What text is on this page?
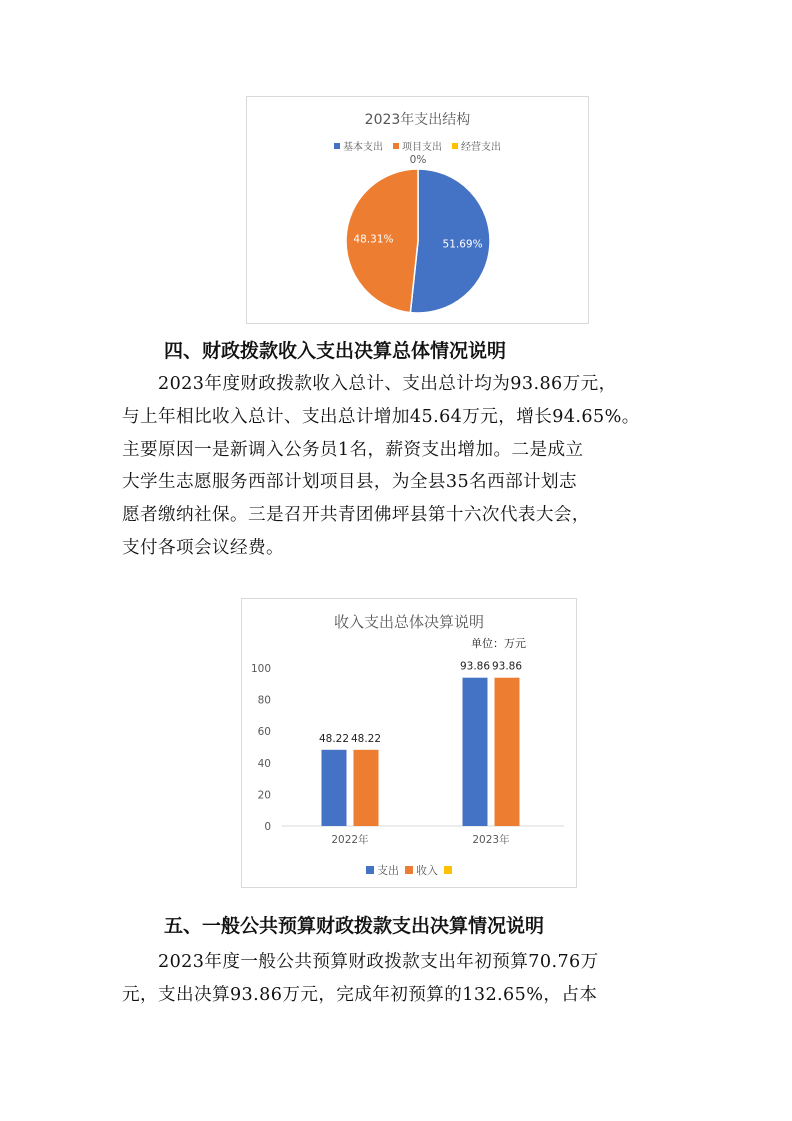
2023年支出结构
基本支出 项目支出 经营支出
51.69%
48.31%
0%
四、财政拨款收入支出决算总体情况说明

2023年度财政拨款收入总计、支出总计均为93.86万元，
与上年相比收入总计、支出总计增加45.64万元，增长94.65%。
主要原因一是新调入公务员1名，薪资支出增加。二是成立
大学生志愿服务西部计划项目县，为全县35名西部计划志
愿者缴纳社保。三是召开共青团佛坪县第十六次代表大会，
支付各项会议经费。

收入支出总体决算说明
单位：万元
0
20
40
60
80
100
48.22 48.22
2022年
93.86 93.86
2023年
支出 收入
五、一般公共预算财政拨款支出决算情况说明

2023年度一般公共预算财政拨款支出年初预算70.76万
元，支出决算93.86万元，完成年初预算的132.65%，占本
